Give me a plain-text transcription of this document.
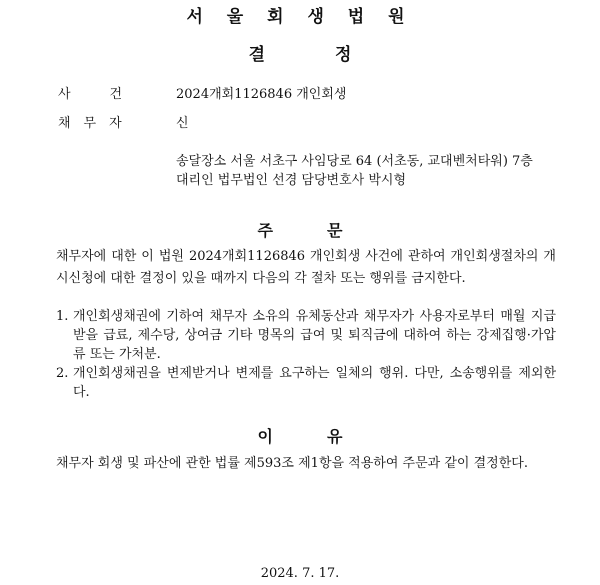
서 울 회 생 법 원
결	정
사　　　건	2024개회1126846 개인회생
채　무　자	신
송달장소 서울 서초구 사임당로 64 (서초동, 교대벤처타워) 7층
대리인 법무법인 선경 담당변호사 박시형
주	문
채무자에 대한 이 법원 2024개회1126846 개인회생 사건에 관하여 개인회생절차의 개시신청에 대한 결정이 있을 때까지 다음의 각 절차 또는 행위를 금지한다.
1. 개인회생채권에 기하여 채무자 소유의 유체동산과 채무자가 사용자로부터 매월 지급받을 급료, 제수당, 상여금 기타 명목의 급여 및 퇴직금에 대하여 하는 강제집행·가압류 또는 가처분.
2. 개인회생채권을 변제받거나 변제를 요구하는 일체의 행위. 다만, 소송행위를 제외한다.
이	유
채무자 회생 및 파산에 관한 법률 제593조 제1항을 적용하여 주문과 같이 결정한다.
2024. 7. 17.
